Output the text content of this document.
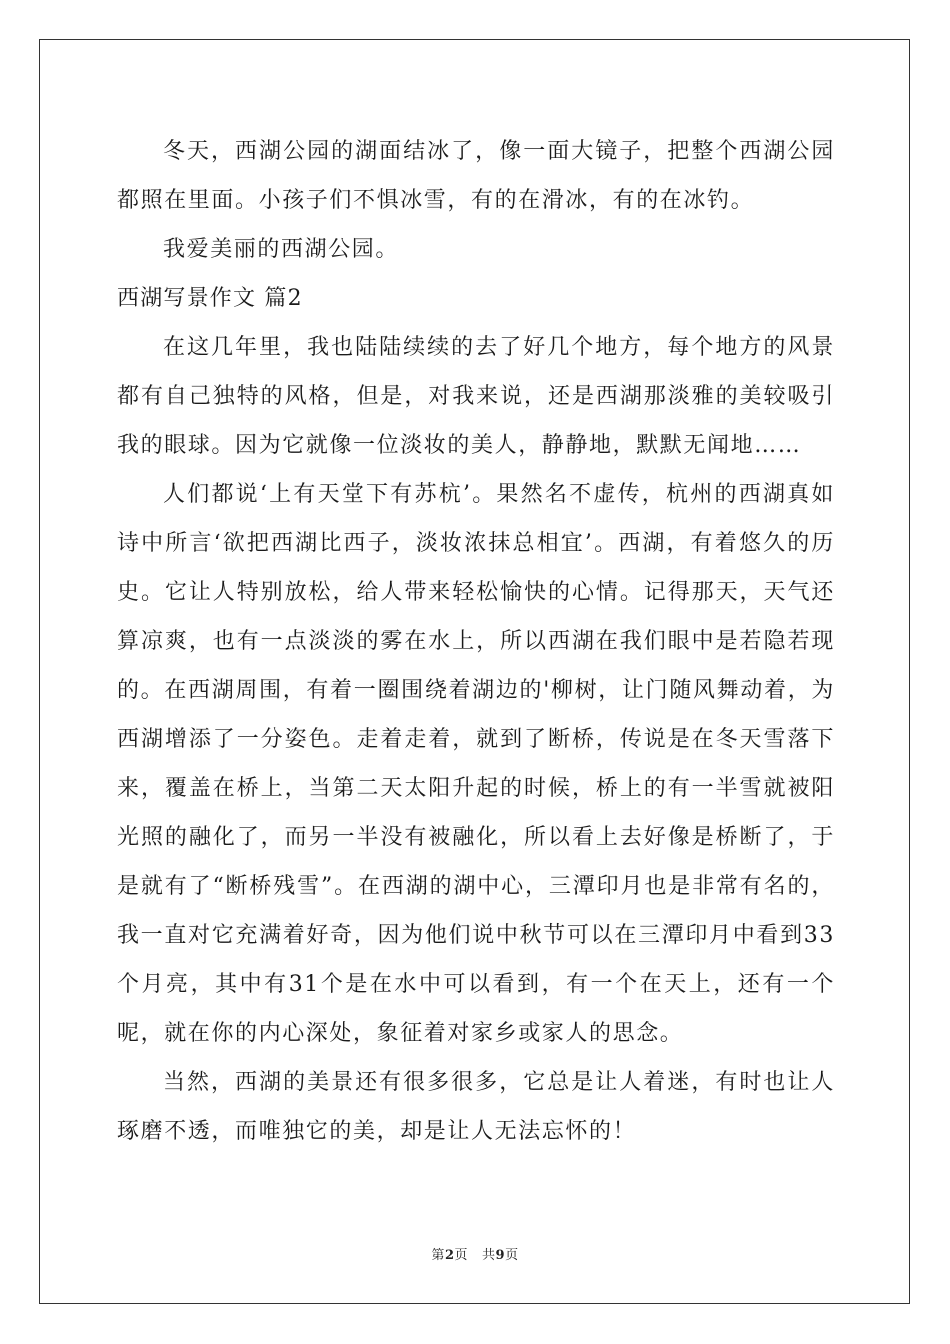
冬天，西湖公园的湖面结冰了，像一面大镜子，把整个西湖公园都照在里面。小孩子们不惧冰雪，有的在滑冰，有的在冰钓。

我爱美丽的西湖公园。

西湖写景作文 篇2

在这几年里，我也陆陆续续的去了好几个地方，每个地方的风景都有自己独特的风格，但是，对我来说，还是西湖那淡雅的美较吸引我的眼球。因为它就像一位淡妆的美人，静静地，默默无闻地……

人们都说‘上有天堂下有苏杭’。果然名不虚传，杭州的西湖真如诗中所言‘欲把西湖比西子，淡妆浓抹总相宜’。西湖，有着悠久的历史。它让人特别放松，给人带来轻松愉快的心情。记得那天，天气还算凉爽，也有一点淡淡的雾在水上，所以西湖在我们眼中是若隐若现的。在西湖周围，有着一圈围绕着湖边的'柳树，让门随风舞动着，为西湖增添了一分姿色。走着走着，就到了断桥，传说是在冬天雪落下来，覆盖在桥上，当第二天太阳升起的时候，桥上的有一半雪就被阳光照的融化了，而另一半没有被融化，所以看上去好像是桥断了，于是就有了“断桥残雪”。在西湖的湖中心，三潭印月也是非常有名的，我一直对它充满着好奇，因为他们说中秋节可以在三潭印月中看到33个月亮，其中有31个是在水中可以看到，有一个在天上，还有一个呢，就在你的内心深处，象征着对家乡或家人的思念。

当然，西湖的美景还有很多很多，它总是让人着迷，有时也让人琢磨不透，而唯独它的美，却是让人无法忘怀的！

第2页 共9页
